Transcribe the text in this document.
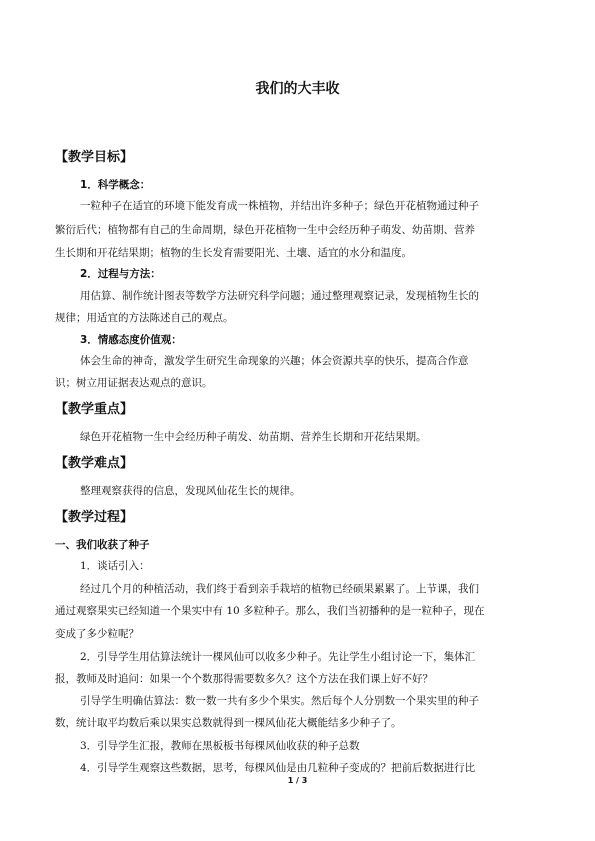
我们的大丰收
【教学目标】
1．科学概念：
一粒种子在适宜的环境下能发育成一株植物，并结出许多种子；绿色开花植物通过种子
繁衍后代；植物都有自己的生命周期，绿色开花植物一生中会经历种子萌发、幼苗期、营养
生长期和开花结果期；植物的生长发育需要阳光、土壤、适宜的水分和温度。
2．过程与方法：
用估算、制作统计图表等数学方法研究科学问题；通过整理观察记录，发现植物生长的
规律；用适宜的方法陈述自己的观点。
3．情感态度价值观：
体会生命的神奇，激发学生研究生命现象的兴趣；体会资源共享的快乐，提高合作意
识；树立用证据表达观点的意识。
【教学重点】
绿色开花植物一生中会经历种子萌发、幼苗期、营养生长期和开花结果期。
【教学难点】
整理观察获得的信息，发现风仙花生长的规律。
【教学过程】
一、我们收获了种子
1．谈话引入：
经过几个月的种植活动，我们终于看到亲手栽培的植物已经硕果累累了。上节课，我们
通过观察果实已经知道一个果实中有 10 多粒种子。那么，我们当初播种的是一粒种子，现在
变成了多少粒呢？
2．引导学生用估算法统计一棵风仙可以收多少种子。先让学生小组讨论一下，集体汇
报，教师及时追问：如果一个个数那得需要数多久？这个方法在我们课上好不好？
引导学生明确估算法：数一数一共有多少个果实。然后每个人分别数一个果实里的种子
数，统计取平均数后乘以果实总数就得到一棵风仙花大概能结多少种子了。
3．引导学生汇报，教师在黑板板书每棵风仙收获的种子总数
4．引导学生观察这些数据，思考，每棵风仙是由几粒种子变成的？把前后数据进行比
1 / 3
